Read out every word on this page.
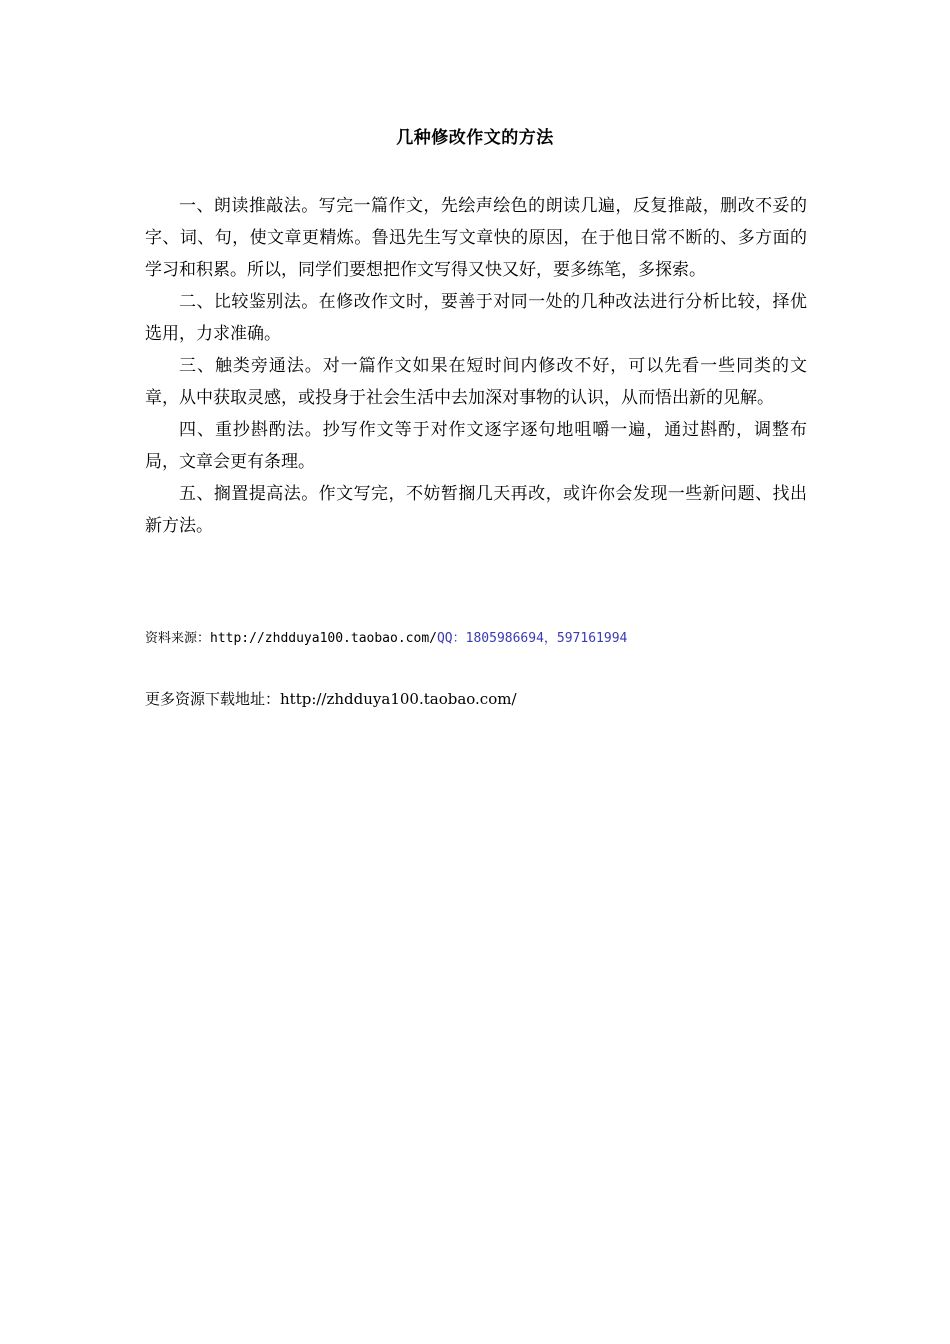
几种修改作文的方法

一、朗读推敲法。写完一篇作文，先绘声绘色的朗读几遍，反复推敲，删改不妥的字、词、句，使文章更精炼。鲁迅先生写文章快的原因，在于他日常不断的、多方面的学习和积累。所以，同学们要想把作文写得又快又好，要多练笔，多探索。

二、比较鉴别法。在修改作文时，要善于对同一处的几种改法进行分析比较，择优选用，力求准确。

三、触类旁通法。对一篇作文如果在短时间内修改不好，可以先看一些同类的文章，从中获取灵感，或投身于社会生活中去加深对事物的认识，从而悟出新的见解。

四、重抄斟酌法。抄写作文等于对作文逐字逐句地咀嚼一遍，通过斟酌，调整布局，文章会更有条理。

五、搁置提高法。作文写完，不妨暂搁几天再改，或许你会发现一些新问题、找出新方法。

资料来源：http://zhdduya100.taobao.com/QQ：1805986694，597161994
更多资源下载地址：http://zhdduya100.taobao.com/
